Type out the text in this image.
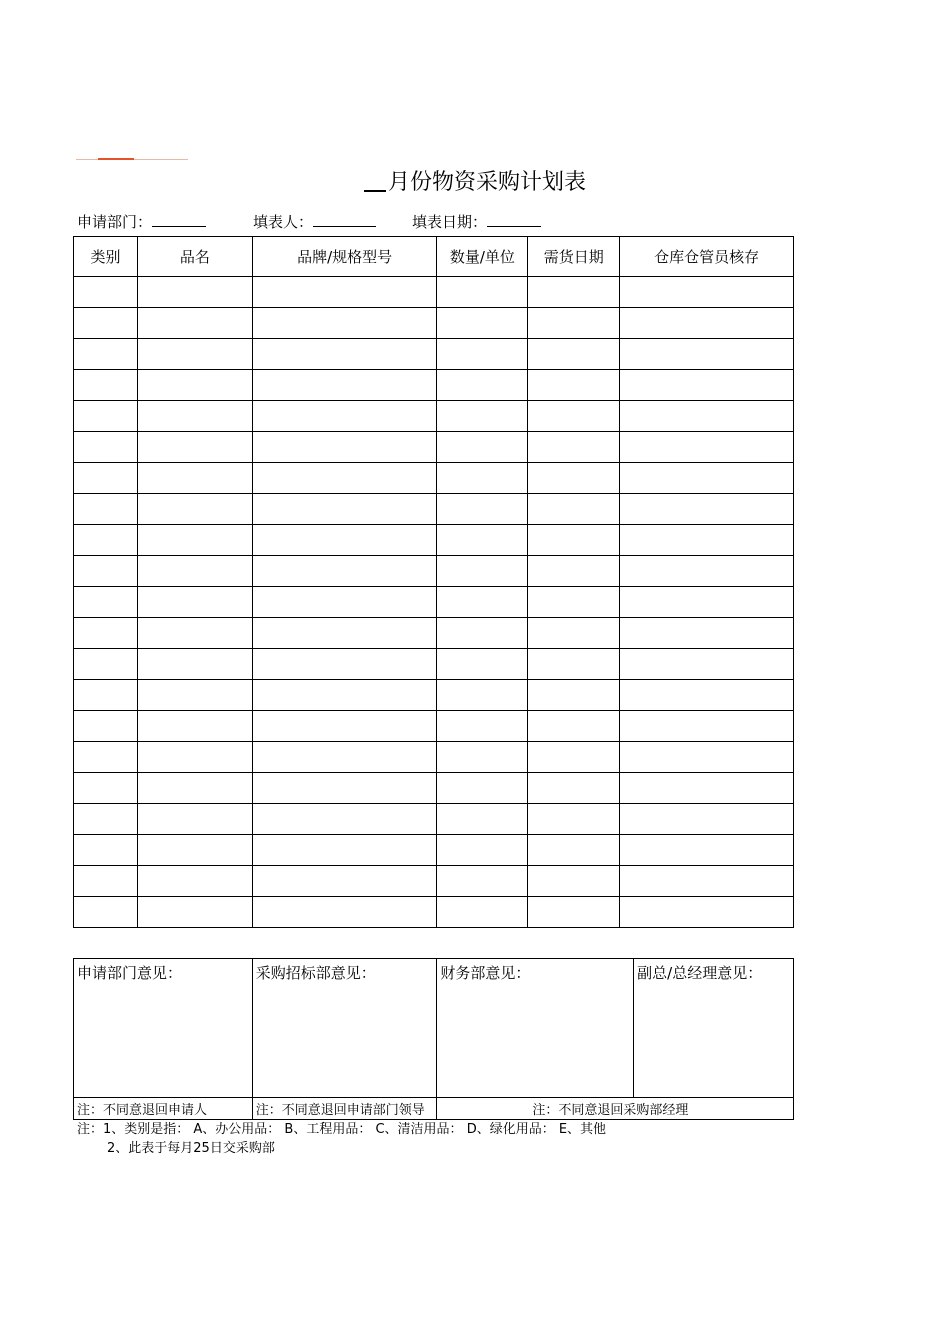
月份物资采购计划表
申请部门：	填表人：	填表日期：
类别	品名	品牌/规格型号	数量/单位	需货日期	仓库仓管员核存

申请部门意见：	采购招标部意见：	财务部意见：	副总/总经理意见：
注：不同意退回申请人	注：不同意退回申请部门领导	注：不同意退回采购部经理	
注：1、类别是指： A、办公用品： B、工程用品： C、清洁用品： D、绿化用品： E、其他
2、此表于每月25日交采购部
